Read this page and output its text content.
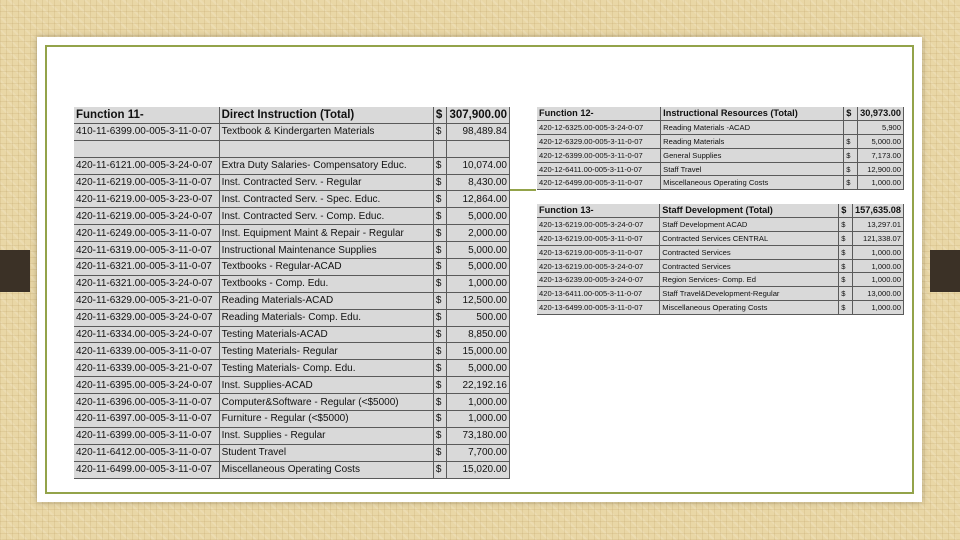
Function 11-	Direct Instruction (Total)	$	307,900.00
410-11-6399.00-005-3-11-0-07	Textbook & Kindergarten Materials	$	98,489.84

420-11-6121.00-005-3-24-0-07	Extra Duty Salaries- Compensatory Educ.	$	10,074.00
420-11-6219.00-005-3-11-0-07	Inst. Contracted Serv. - Regular	$	8,430.00
420-11-6219.00-005-3-23-0-07	Inst. Contracted Serv. - Spec. Educ.	$	12,864.00
420-11-6219.00-005-3-24-0-07	Inst. Contracted Serv. - Comp. Educ.	$	5,000.00
420-11-6249.00-005-3-11-0-07	Inst. Equipment Maint & Repair - Regular	$	2,000.00
420-11-6319.00-005-3-11-0-07	Instructional Maintenance Supplies	$	5,000.00
420-11-6321.00-005-3-11-0-07	Textbooks - Regular-ACAD	$	5,000.00
420-11-6321.00-005-3-24-0-07	Textbooks - Comp. Edu.	$	1,000.00
420-11-6329.00-005-3-21-0-07	Reading Materials-ACAD	$	12,500.00
420-11-6329.00-005-3-24-0-07	Reading Materials- Comp. Edu.	$	500.00
420-11-6334.00-005-3-24-0-07	Testing Materials-ACAD	$	8,850.00
420-11-6339.00-005-3-11-0-07	Testing Materials- Regular	$	15,000.00
420-11-6339.00-005-3-21-0-07	Testing Materials- Comp. Edu.	$	5,000.00
420-11-6395.00-005-3-24-0-07	Inst. Supplies-ACAD	$	22,192.16
420-11-6396.00-005-3-11-0-07	Computer&Software - Regular (<$5000)	$	1,000.00
420-11-6397.00-005-3-11-0-07	Furniture - Regular (<$5000)	$	1,000.00
420-11-6399.00-005-3-11-0-07	Inst. Supplies - Regular	$	73,180.00
420-11-6412.00-005-3-11-0-07	Student Travel	$	7,700.00
420-11-6499.00-005-3-11-0-07	Miscellaneous Operating Costs	$	15,020.00
Function 12-	Instructional Resources (Total)	$	30,973.00
420-12-6325.00-005-3-24-0-07	Reading Materials -ACAD		5,900
420-12-6329.00-005-3-11-0-07	Reading Materials	$	5,000.00
420-12-6399.00-005-3-11-0-07	General Supplies	$	7,173.00
420-12-6411.00-005-3-11-0-07	Staff Travel	$	12,900.00
420-12-6499.00-005-3-11-0-07	Miscellaneous Operating Costs	$	1,000.00
Function 13-	Staff Development (Total)	$	157,635.08
420-13-6219.00-005-3-24-0-07	Staff Development ACAD	$	13,297.01
420-13-6219.00-005-3-11-0-07	Contracted Services CENTRAL	$	121,338.07
420-13-6219.00-005-3-11-0-07	Contracted Services	$	1,000.00
420-13-6219.00-005-3-24-0-07	Contracted Services	$	1,000.00
420-13-6239.00-005-3-24-0-07	Region Services- Comp. Ed	$	1,000.00
420-13-6411.00-005-3-11-0-07	Staff Travel&Development-Regular	$	13,000.00
420-13-6499.00-005-3-11-0-07	Miscellaneous Operating Costs	$	1,000.00
